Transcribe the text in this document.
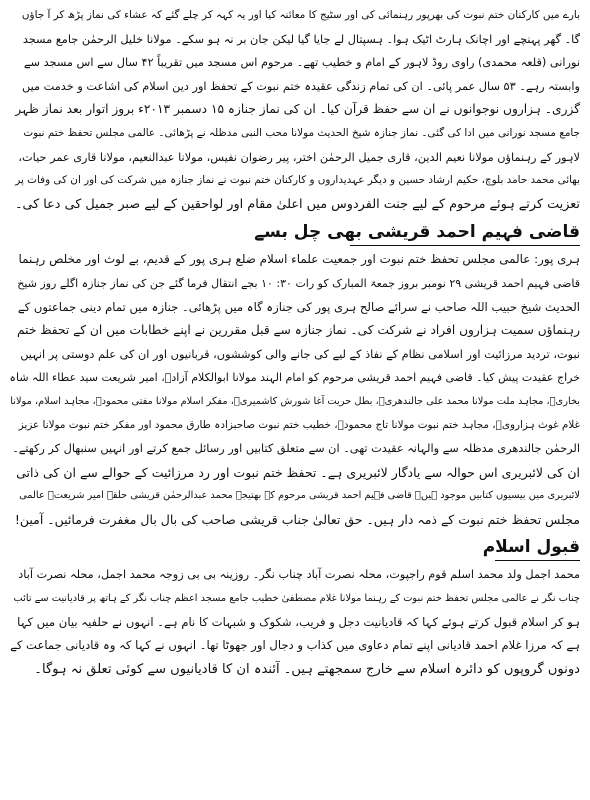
بارے میں کارکنان ختم نبوت کی بھرپور رہنمائی کی اور سٹیج کا معائنہ کیا اور یہ کہہ کر چلے گئے کہ عشاء کی نماز پڑھ کر آ جاؤں

گا۔ گھر پہنچے اور اچانک ہارٹ اٹیک ہوا۔ ہسپتال لے جایا گیا لیکن جان بر نہ ہو سکے۔ مولانا خلیل الرحمٰن جامع مسجد

نورانی (قلعہ محمدی) راوی روڈ لاہور کے امام و خطیب تھے۔ مرحوم اس مسجد میں تقریباً ۴۲ سال سے اس مسجد سے

وابستہ رہے۔ ۵۳ سال عمر پائی۔ ان کی تمام زندگی عقیدہ ختم نبوت کے تحفظ اور دین اسلام کی اشاعت و خدمت میں

گزری۔ ہزاروں نوجوانوں نے ان سے حفظ قرآن کیا۔ ان کی نماز جنازہ ۱۵ دسمبر ۲۰۱۳ء بروز اتوار بعد نماز ظہر

جامع مسجد نورانی میں ادا کی گئی۔ نماز جنازہ شیخ الحدیث مولانا محب النبی مدظلہ نے پڑھائی۔ عالمی مجلس تحفظ ختم نبوت

لاہور کے رہنماؤں مولانا نعیم الدین، قاری جمیل الرحمٰن اختر، پیر رضوان نفیس، مولانا عبدالنعیم، مولانا قاری عمر حیات،

بھائی محمد حامد بلوچ، حکیم ارشاد حسین و دیگر عہدیداروں و کارکنان ختم نبوت نے نماز جنازہ میں شرکت کی اور ان کی وفات پر

تعزیت کرتے ہوئے مرحوم کے لیے جنت الفردوس میں اعلیٰ مقام اور لواحقین کے لیے صبر جمیل کی دعا کی۔

قاضی فہیم احمد قریشی بھی چل بسے

ہری پور: عالمی مجلس تحفظ ختم نبوت اور جمعیت علماء اسلام ضلع ہری پور کے قدیم، بے لوث اور مخلص رہنما

قاضی فہیم احمد قریشی ۲۹ نومبر بروز جمعۃ المبارک کو رات ۳۰: ۱۰ بجے انتقال فرما گئے جن کی نماز جنازہ اگلے روز شیخ

الحدیث شیخ حبیب اللہ صاحب نے سرائے صالح ہری پور کی جنازہ گاہ میں پڑھائی۔ جنازہ میں تمام دینی جماعتوں کے

رہنماؤں سمیت ہزاروں افراد نے شرکت کی۔ نماز جنازہ سے قبل مقررین نے اپنے خطابات میں ان کے تحفظ ختم

نبوت، تردید مرزائیت اور اسلامی نظام کے نفاذ کے لیے کی جانے والی کوششوں، قربانیوں اور ان کی علم دوستی پر انہیں

خراج عقیدت پیش کیا۔ قاضی فہیم احمد قریشی مرحوم کو امام الہند مولانا ابوالکلام آزادؒ، امیر شریعت سید عطاء اللہ شاہ

بخاریؒ، مجاہد ملت مولانا محمد علی جالندھریؒ، بطل حریت آغا شورش کاشمیریؒ، مفکر اسلام مولانا مفتی محمودؒ، مجاہد اسلام، مولانا

غلام غوث ہزارویؒ، مجاہد ختم نبوت مولانا تاج محمودؒ، خطیب ختم نبوت صاحبزادہ طارق محمود اور مفکر ختم نبوت مولانا عزیز

الرحمٰن جالندھری مدظلہ سے والہانہ عقیدت تھی۔ ان سے متعلق کتابیں اور رسائل جمع کرتے اور انہیں سنبھال کر رکھتے۔

ان کی لائبریری اس حوالہ سے یادگار لائبریری ہے۔ تحفظ ختم نبوت اور رد مرزائیت کے حوالے سے ان کی ذاتی

لائبریری میں بیسیوں کتابیں موجود ہیں۔ قاضی فہیم احمد قریشی مرحوم کے بھتیجے محمد عبدالرحمٰن قریشی حلقہ امیر شریعتؒ عالمی

مجلس تحفظ ختم نبوت کے ذمہ دار ہیں۔ حق تعالیٰ جناب قریشی صاحب کی بال بال مغفرت فرمائیں۔ آمین!

قبول اسلام

محمد اجمل ولد محمد اسلم قوم راجپوت، محلہ نصرت آباد چناب نگر۔ روزینہ بی بی زوجہ محمد اجمل، محلہ نصرت آباد

چناب نگر نے عالمی مجلس تحفظ ختم نبوت کے رہنما مولانا غلام مصطفیٰ خطیب جامع مسجد اعظم چناب نگر کے ہاتھ پر قادیانیت سے تائب

ہو کر اسلام قبول کرتے ہوئے کہا کہ قادیانیت دجل و فریب، شکوک و شبہات کا نام ہے۔ انہوں نے حلفیہ بیان میں کہا

ہے کہ مرزا غلام احمد قادیانی اپنے تمام دعاوی میں کذاب و دجال اور جھوٹا تھا۔ انہوں نے کہا کہ وہ قادیانی جماعت کے

دونوں گروپوں کو دائرہ اسلام سے خارج سمجھتے ہیں۔ آئندہ ان کا قادیانیوں سے کوئی تعلق نہ ہوگا۔
